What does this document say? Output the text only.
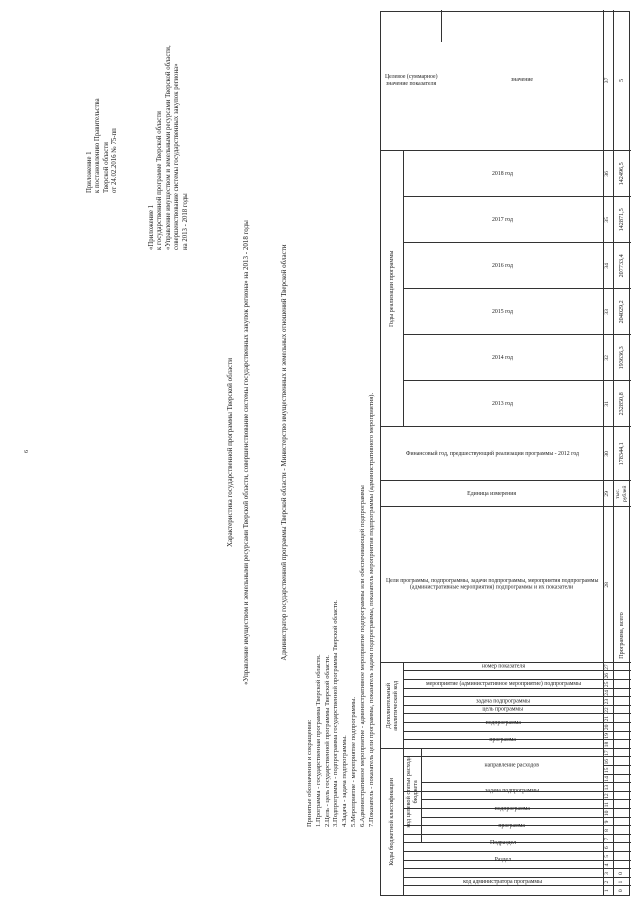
6
Приложение 1 к постановлению Правительства Тверской области от 24.02.2016 № 75-пп
«Приложение 1 к государственной программе Тверской области «Управление имуществом и земельными ресурсами Тверской области, совершенствование системы государственных закупок региона» на 2013 - 2018 годы
Характеристика государственной программы Тверской области «Управление имуществом и земельными ресурсами Тверской области, совершенствование системы государственных закупок региона» на 2013 - 2018 годы	Администратор государственной программы Тверской области - Министерство имущественных и земельных отношений Тверской области
Принятые обозначения и сокращения: 1.Программа - государственная программа Тверской области. 2.Цель - цель государственной программы Тверской области. 3.Подпрограмма - подпрограмма государственной программы Тверской области. 4.Задача - задача подпрограммы. 5.Мероприятие - мероприятие подпрограммы. 6.Административное мероприятие - административное мероприятие подпрограммы или обеспечивающей подпрограммы 7.Показатель - показатель цели программы, показатель задачи подпрограммы, показатель мероприятия подпрограммы (административного мероприятия).	Коды бюджетной классификации
Дополнительный аналитический код
код администратора программы
Раздел
Подраздел
код целевой статьи расхода бюджета
программа
подпрограмма
задача подпрограммы
направление расходов
программа
подпрограмма
цель программы
задача подпрограммы
мероприятие (административное мероприятие) подпрограммы
номер показателя
Цели программы, подпрограммы, задачи подпрограммы, мероприятия подпрограммы (административные мероприятия) подпрограммы и их показатели
Единица измерения
Финансовый год, предшествующий реализации программы - 2012 год
Годы реализации программы
2013 год
2014 год
2015 год
2016 год
2017 год
2018 год
Целевое (суммарное) значение показателя
значение
1
2
3
4
5
6
7
8
9
10
11
12
13
14
15
16
17
18
19
20
21
22
23
24
25
26
27
28
29
30
31
32
33
34
35
36
37
0
1
0
Программа, всего
тыс. рублей
178344,1
232850,8
193636,3
204029,2
207733,4
142871,5
142496,5
5
